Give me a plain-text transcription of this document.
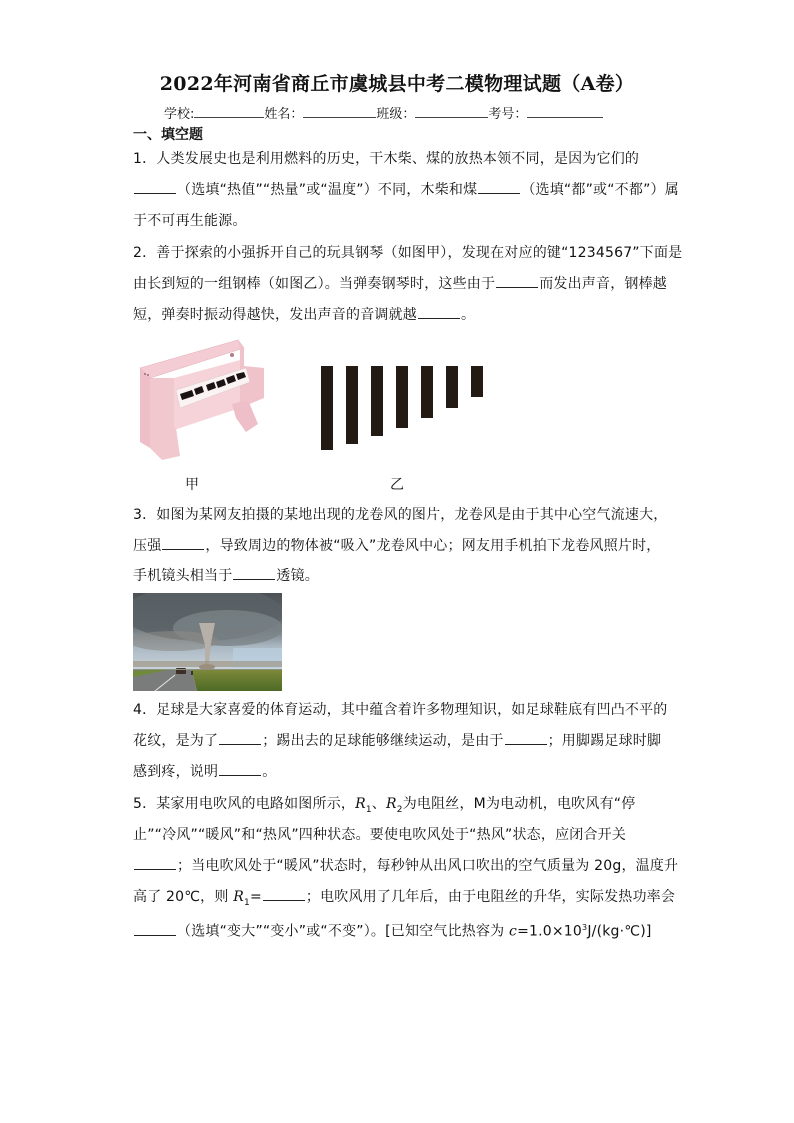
2022年河南省商丘市虞城县中考二模物理试题（A卷）
学校:	姓名：	班级：	考号：
一、填空题
1．人类发展史也是利用燃料的历史，干木柴、煤的放热本领不同，是因为它们的
（选填“热值”“热量”或“温度”）不同，木柴和煤	（选填“都”或“不都”）属
于不可再生能源。
2．善于探索的小强拆开自己的玩具钢琴（如图甲），发现在对应的键“1234567”下面是
由长到短的一组钢棒（如图乙）。当弹奏钢琴时，这些由于	而发出声音，钢棒越
短，弹奏时振动得越快，发出声音的音调就越	。
甲	乙
3．如图为某网友拍摄的某地出现的龙卷风的图片，龙卷风是由于其中心空气流速大，
压强	，导致周边的物体被“吸入”龙卷风中心；网友用手机拍下龙卷风照片时，
手机镜头相当于	透镜。
4．足球是大家喜爱的体育运动，其中蕴含着许多物理知识，如足球鞋底有凹凸不平的
花纹，是为了	；踢出去的足球能够继续运动，是由于	；用脚踢足球时脚
感到疼，说明	。
5．某家用电吹风的电路如图所示，$R_1$、$R_2$为电阻丝，M为电动机，电吹风有“停
止”“冷风”“暖风”和“热风”四种状态。要使电吹风处于“热风”状态，应闭合开关
；当电吹风处于“暖风”状态时，每秒钟从出风口吹出的空气质量为 20g，温度升
高了 20℃，则 $R_1=$	；电吹风用了几年后，由于电阻丝的升华，实际发热功率会
（选填“变大”“变小”或“不变”）。[已知空气比热容为 $c=1.0\times 10^3J/(kg\cdot℃)$]
